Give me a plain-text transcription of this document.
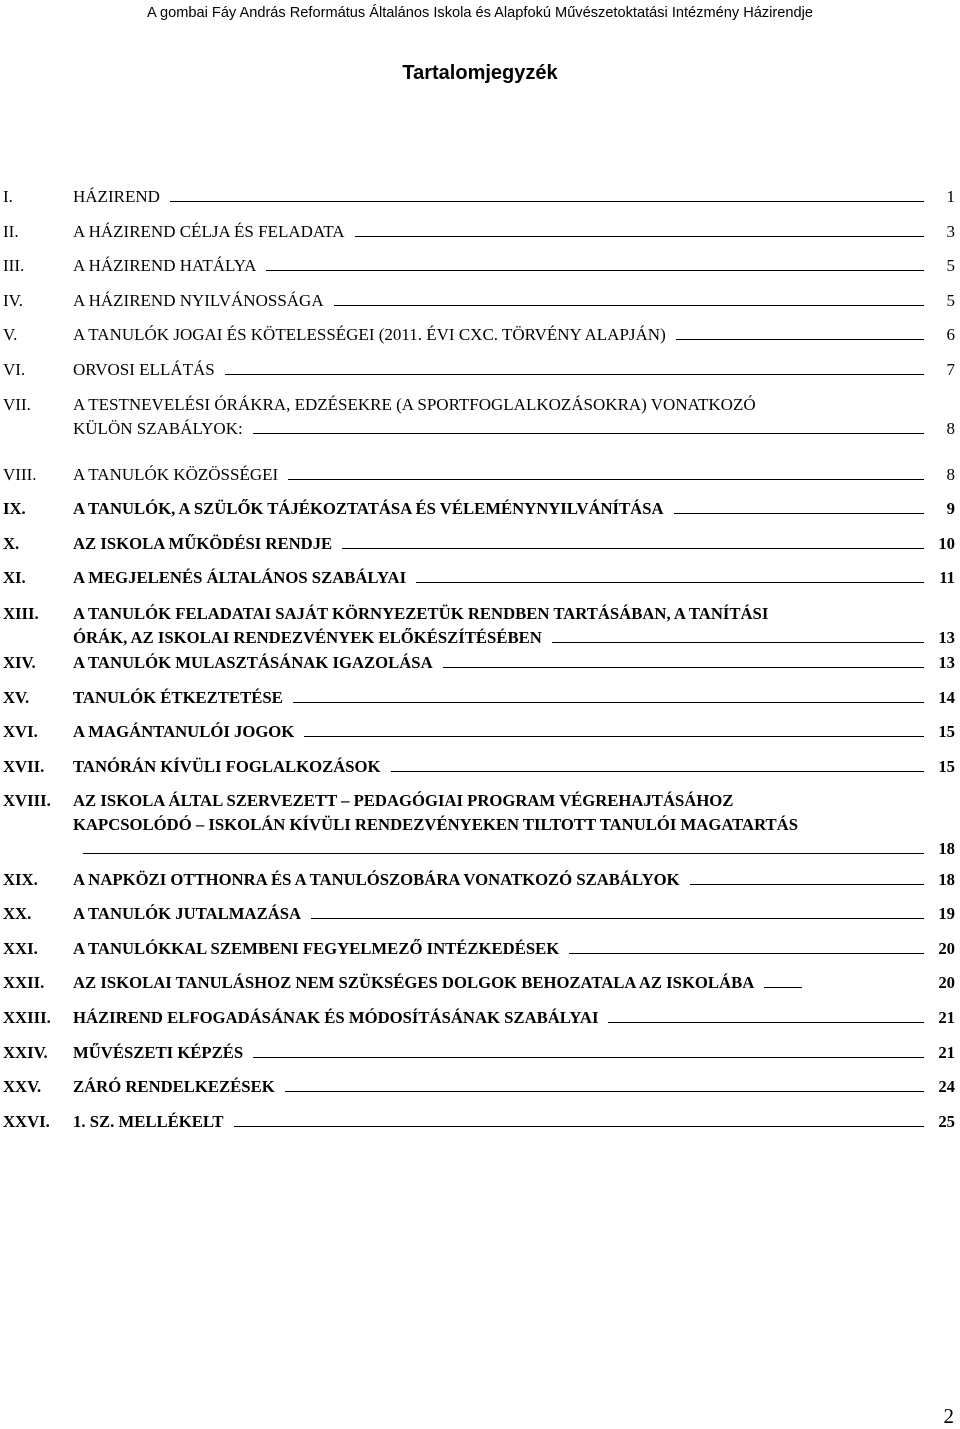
A gombai Fáy András Református Általános Iskola és Alapfokú Művészetoktatási Intézmény Házirendje
Tartalomjegyzék
I.	HÁZIREND	1
II.	A HÁZIREND CÉLJA ÉS FELADATA	3
III.	A HÁZIREND HATÁLYA	5
IV.	A HÁZIREND NYILVÁNOSSÁGA	5
V.	A TANULÓK JOGAI ÉS KÖTELESSÉGEI (2011. ÉVI CXC. TÖRVÉNY ALAPJÁN)	6
VI.	ORVOSI ELLÁTÁS	7
VII. A TESTNEVELÉSI ÓRÁKRA, EDZÉSEKRE (A SPORTFOGLALKOZÁSOKRA) VONATKOZÓ
KÜLÖN SZABÁLYOK:	8
VIII. A TANULÓK KÖZÖSSÉGEI	8
IX.	A TANULÓK, A SZÜLŐK TÁJÉKOZTATÁSA ÉS VÉLEMÉNYNYILVÁNÍTÁSA	9
X.	AZ ISKOLA MŰKÖDÉSI RENDJE	10
XI.	A MEGJELENÉS ÁLTALÁNOS SZABÁLYAI	11
XIII. A TANULÓK FELADATAI SAJÁT KÖRNYEZETÜK RENDBEN TARTÁSÁBAN, A TANÍTÁSI
ÓRÁK, AZ ISKOLAI RENDEZVÉNYEK ELŐKÉSZÍTÉSÉBEN	13
XIV. A TANULÓK MULASZTÁSÁNAK IGAZOLÁSA	13
XV.	TANULÓK ÉTKEZTETÉSE	14
XVI. A MAGÁNTANULÓI JOGOK	15
XVII. TANÓRÁN KÍVÜLI FOGLALKOZÁSOK	15
XVIII. AZ ISKOLA ÁLTAL SZERVEZETT – PEDAGÓGIAI PROGRAM VÉGREHAJTÁSÁHOZ
KAPCSOLÓDÓ – ISKOLÁN KÍVÜLI RENDEZVÉNYEKEN TILTOTT TANULÓI MAGATARTÁS
18
XIX. A NAPKÖZI OTTHONRA ÉS A TANULÓSZOBÁRA VONATKOZÓ SZABÁLYOK	18
XX. A TANULÓK JUTALMAZÁSA	19
XXI. A TANULÓKKAL SZEMBENI FEGYELMEZŐ INTÉZKEDÉSEK	20
XXII. AZ ISKOLAI TANULÁSHOZ NEM SZÜKSÉGES DOLGOK BEHOZATALA AZ ISKOLÁBA	20
XXIII. HÁZIREND ELFOGADÁSÁNAK ÉS MÓDOSÍTÁSÁNAK SZABÁLYAI	21
XXIV. MŰVÉSZETI KÉPZÉS	21
XXV. ZÁRÓ RENDELKEZÉSEK	24
XXVI. 1. SZ. MELLÉKELT	25
2
